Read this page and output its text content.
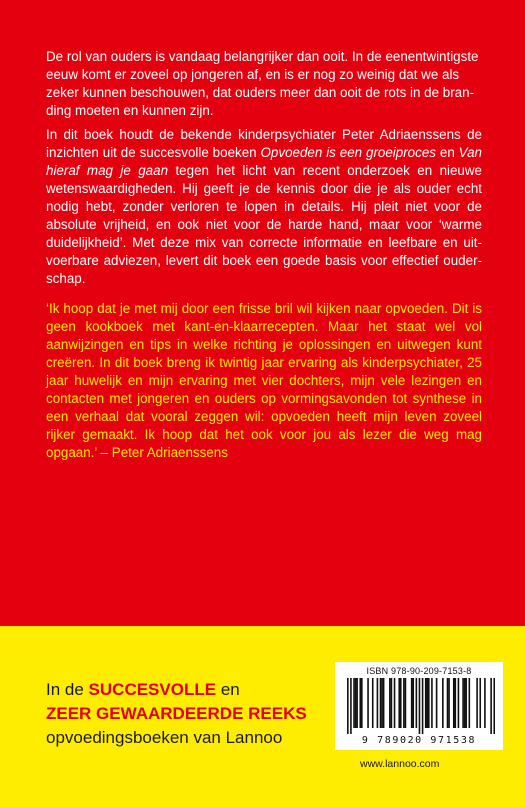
De rol van ouders is vandaag belangrijker dan ooit. In de eenentwintigste eeuw komt er zoveel op jongeren af, en is er nog zo weinig dat we als zeker kunnen beschouwen, dat ouders meer dan ooit de rots in de branding moeten en kunnen zijn.

In dit boek houdt de bekende kinderpsychiater Peter Adriaenssens de inzichten uit de succesvolle boeken Opvoeden is een groeiproces en Van hieraf mag je gaan tegen het licht van recent onderzoek en nieuwe wetenswaardigheden. Hij geeft je de kennis door die je als ouder echt nodig hebt, zonder verloren te lopen in details. Hij pleit niet voor de absolute vrijheid, en ook niet voor de harde hand, maar voor ‘warme duidelijkheid’. Met deze mix van correcte informatie en leefbare en uitvoerbare adviezen, levert dit boek een goede basis voor effectief ouderschap.

‘Ik hoop dat je met mij door een frisse bril wil kijken naar opvoeden. Dit is geen kookboek met kant-en-klaarrecepten. Maar het staat wel vol aanwijzingen en tips in welke richting je oplossingen en uitwegen kunt creëren. In dit boek breng ik twintig jaar ervaring als kinderpsychiater, 25 jaar huwelijk en mijn ervaring met vier dochters, mijn vele lezingen en contacten met jongeren en ouders op vormingsavonden tot synthese in een verhaal dat vooral zeggen wil: opvoeden heeft mijn leven zoveel rijker gemaakt. Ik hoop dat het ook voor jou als lezer die weg mag opgaan.’ – Peter Adriaenssens

In de SUCCESVOLLE en
ZEER GEWAARDEERDE REEKS
opvoedingsboeken van Lannoo
ISBN 978-90-209-7153-8
9 789020 971538
www.lannoo.com
